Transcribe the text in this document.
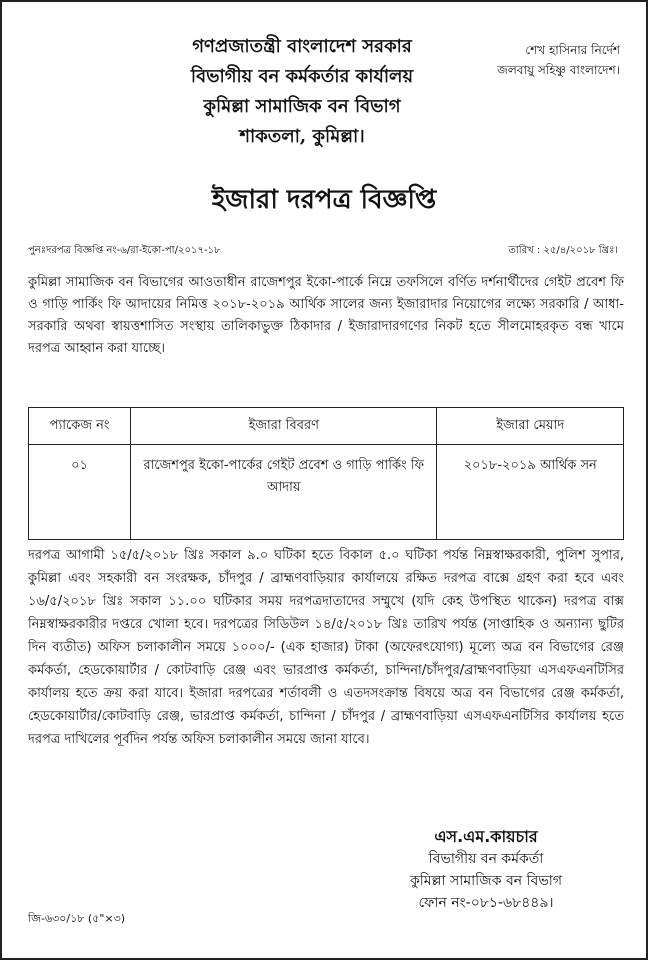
গণপ্রজাতন্ত্রী বাংলাদেশ সরকার
বিভাগীয় বন কর্মকর্তার কার্যালয়
কুমিল্লা সামাজিক বন বিভাগ
শাকতলা, কুমিল্লা।
শেখ হাসিনার নির্দেশ
জলবায়ু সহিষ্ণু বাংলাদেশ।
ইজারা দরপত্র বিজ্ঞপ্তি
পুনঃদরপত্র বিজ্ঞপ্তি নং-৬/রা-ইকো-পা/২০১৭-১৮	তারিখ : ২৫/৪/২০১৮ খ্রিঃ।
কুমিল্লা সামাজিক বন বিভাগের আওতাধীন রাজেশপুর ইকো-পার্কে নিম্নে তফসিলে বর্ণিত দর্শনার্থীদের গেইট প্রবেশ ফি ও গাড়ি পার্কিং ফি আদায়ের নিমিত্ত ২০১৮-২০১৯ আর্থিক সালের জন্য ইজারাদার নিয়োগের লক্ষ্যে সরকারি / আধা-সরকারি অথবা স্বায়ত্তশাসিত সংস্থায় তালিকাভুক্ত ঠিকাদার / ইজারাদারগণের নিকট হতে সীলমোহরকৃত বন্ধ খামে দরপত্র আহ্বান করা যাচ্ছে।
প্যাকেজ নং	ইজারা বিবরণ	ইজারা মেয়াদ
০১	রাজেশপুর ইকো-পার্কের গেইট প্রবেশ ও গাড়ি পার্কিং ফি আদায়	২০১৮-২০১৯ আর্থিক সন
দরপত্র আগামী ১৫/৫/২০১৮ খ্রিঃ সকাল ৯.০ ঘটিকা হতে বিকাল ৫.০ ঘটিকা পর্যন্ত নিম্নস্বাক্ষরকারী, পুলিশ সুপার, কুমিল্লা এবং সহকারী বন সংরক্ষক, চাঁদপুর / ব্রাহ্মণবাড়িয়ার কার্যালয়ে রক্ষিত দরপত্র বাক্সে গ্রহণ করা হবে এবং ১৬/৫/২০১৮ খ্রিঃ সকাল ১১.০০ ঘটিকার সময় দরপত্রদাতাদের সম্মুখে (যদি কেহ উপস্থিত থাকেন) দরপত্র বাক্স নিম্নস্বাক্ষরকারীর দপ্তরে খোলা হবে। দরপত্রের সিডিউল ১৪/৫/২০১৮ খ্রিঃ তারিখ পর্যন্ত (সাপ্তাহিক ও অন্যান্য ছুটির দিন ব্যতীত) অফিস চলাকালীন সময়ে ১০০০/- (এক হাজার) টাকা (অফেরৎযোগ্য) মূল্যে অত্র বন বিভাগের রেঞ্জ কর্মকর্তা, হেডকোয়ার্টার / কোটবাড়ি রেঞ্জ এবং ভারপ্রাপ্ত কর্মকর্তা, চান্দিনা/চাঁদপুর/ব্রাহ্মণবাড়িয়া এসএফএনটিসির কার্যালয় হতে ক্রয় করা যাবে। ইজারা দরপত্রের শর্তাবলী ও এতদসংক্রান্ত বিষয়ে অত্র বন বিভাগের রেঞ্জ কর্মকর্তা, হেডকোয়ার্টার/কোটবাড়ি রেঞ্জ, ভারপ্রাপ্ত কর্মকর্তা, চান্দিনা / চাঁদপুর / ব্রাহ্মণবাড়িয়া এসএফএনটিসির কার্যালয় হতে দরপত্র দাখিলের পূর্বদিন পর্যন্ত অফিস চলাকালীন সময়ে জানা যাবে।
এস.এম.কায়চার
বিভাগীয় বন কর্মকর্তা
কুমিল্লা সামাজিক বন বিভাগ
ফোন নং-০৮১-৬৮৪৪৯।
জি-৬৩০/১৮ (৫"×৩)
